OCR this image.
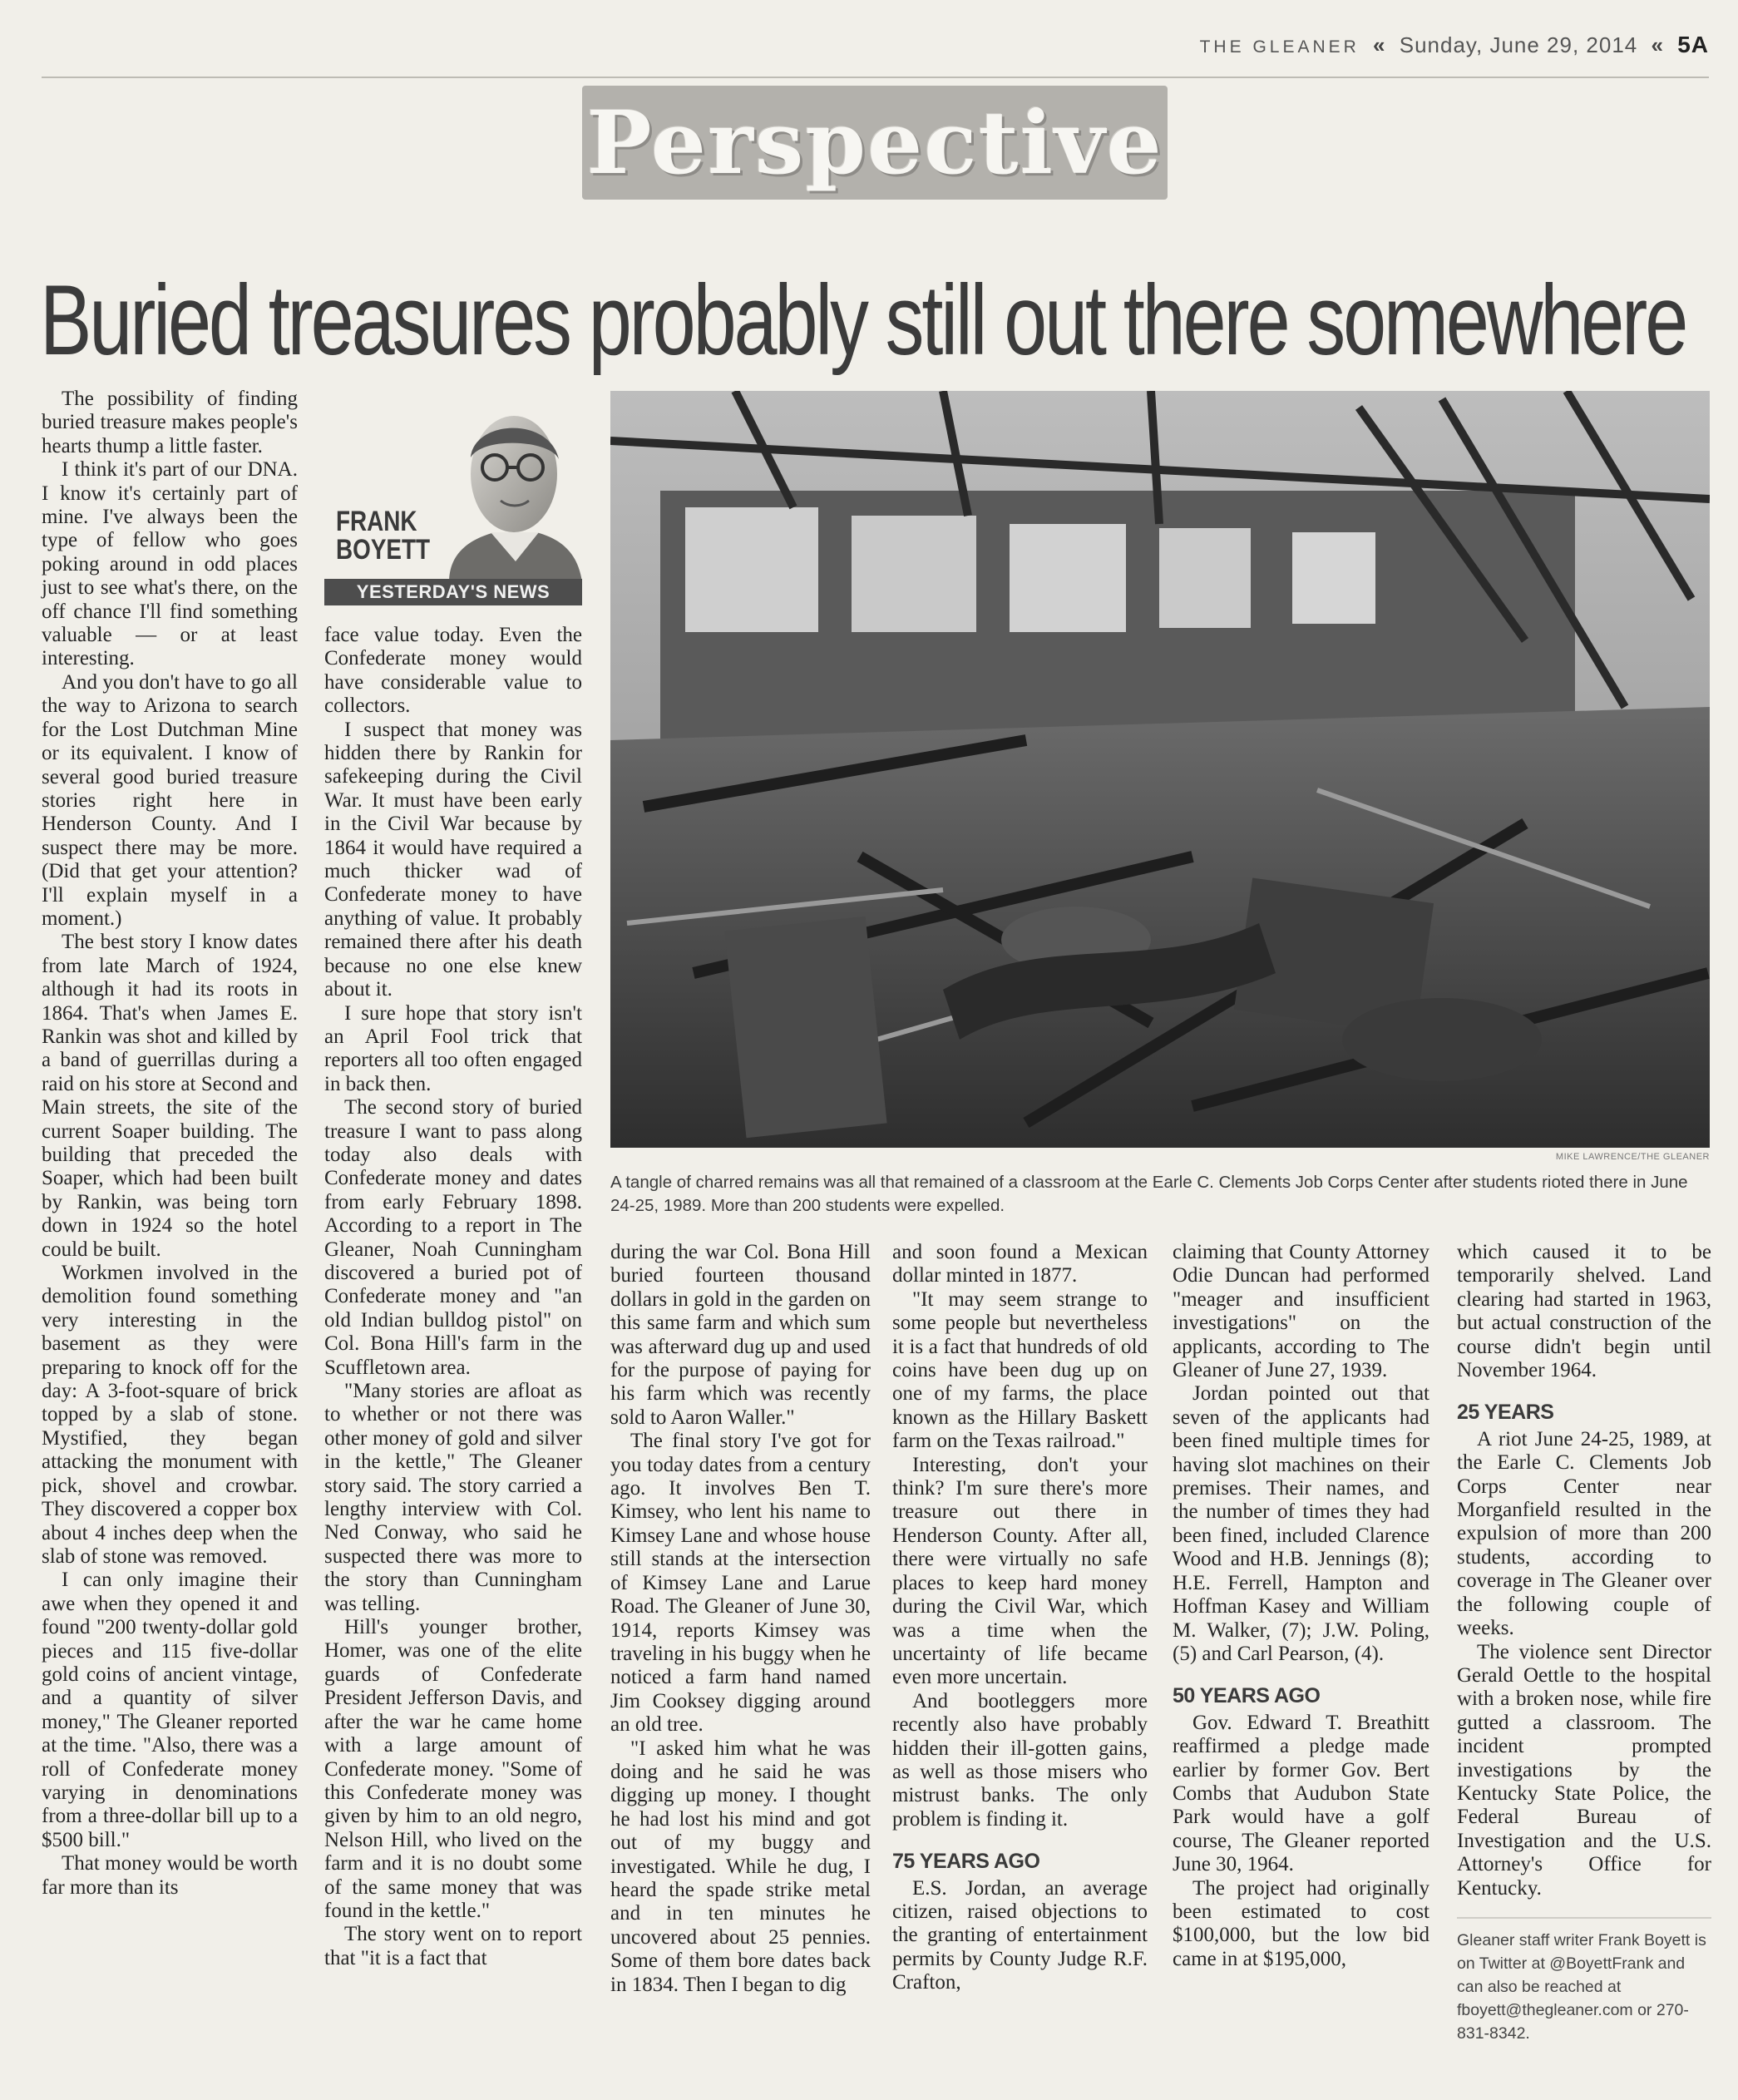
THE GLEANER « Sunday, June 29, 2014 « 5A
Perspective
Buried treasures probably still out there somewhere

The possibility of finding buried treasure makes people's hearts thump a little faster.

I think it's part of our DNA. I know it's certainly part of mine. I've always been the type of fellow who goes poking around in odd places just to see what's there, on the off chance I'll find something valuable — or at least interesting.

And you don't have to go all the way to Arizona to search for the Lost Dutchman Mine or its equivalent. I know of several good buried treasure stories right here in Henderson County. And I suspect there may be more. (Did that get your attention? I'll explain myself in a moment.)

The best story I know dates from late March of 1924, although it had its roots in 1864. That's when James E. Rankin was shot and killed by a band of guerrillas during a raid on his store at Second and Main streets, the site of the current Soaper building. The building that preceded the Soaper, which had been built by Rankin, was being torn down in 1924 so the hotel could be built.

Workmen involved in the demolition found something very interesting in the basement as they were preparing to knock off for the day: A 3-foot-square of brick topped by a slab of stone. Mystified, they began attacking the monument with pick, shovel and crowbar. They discovered a copper box about 4 inches deep when the slab of stone was removed.

I can only imagine their awe when they opened it and found "200 twenty-dollar gold pieces and 115 five-dollar gold coins of ancient vintage, and a quantity of silver money," The Gleaner reported at the time. "Also, there was a roll of Confederate money varying in denominations from a three-dollar bill up to a $500 bill."

That money would be worth far more than its

FRANK
BOYETT
YESTERDAY'S NEWS

face value today. Even the Confederate money would have considerable value to collectors.

I suspect that money was hidden there by Rankin for safekeeping during the Civil War. It must have been early in the Civil War because by 1864 it would have required a much thicker wad of Confederate money to have anything of value. It probably remained there after his death because no one else knew about it.

I sure hope that story isn't an April Fool trick that reporters all too often engaged in back then.

The second story of buried treasure I want to pass along today also deals with Confederate money and dates from early February 1898. According to a report in The Gleaner, Noah Cunningham discovered a buried pot of Confederate money and "an old Indian bulldog pistol" on Col. Bona Hill's farm in the Scuffletown area.

"Many stories are afloat as to whether or not there was other money of gold and silver in the kettle," The Gleaner story said. The story carried a lengthy interview with Col. Ned Conway, who said he suspected there was more to the story than Cunningham was telling.

Hill's younger brother, Homer, was one of the elite guards of Confederate President Jefferson Davis, and after the war he came home with a large amount of Confederate money. "Some of this Confederate money was given by him to an old negro, Nelson Hill, who lived on the farm and it is no doubt some of the same money that was found in the kettle."

The story went on to report that "it is a fact that

MIKE LAWRENCE/THE GLEANER
A tangle of charred remains was all that remained of a classroom at the Earle C. Clements Job Corps Center after students rioted there in June 24-25, 1989. More than 200 students were expelled.

during the war Col. Bona Hill buried fourteen thousand dollars in gold in the garden on this same farm and which sum was afterward dug up and used for the purpose of paying for his farm which was recently sold to Aaron Waller."

The final story I've got for you today dates from a century ago. It involves Ben T. Kimsey, who lent his name to Kimsey Lane and whose house still stands at the intersection of Kimsey Lane and Larue Road. The Gleaner of June 30, 1914, reports Kimsey was traveling in his buggy when he noticed a farm hand named Jim Cooksey digging around an old tree.

"I asked him what he was doing and he said he was digging up money. I thought he had lost his mind and got out of my buggy and investigated. While he dug, I heard the spade strike metal and in ten minutes he uncovered about 25 pennies. Some of them bore dates back in 1834. Then I began to dig

and soon found a Mexican dollar minted in 1877.

"It may seem strange to some people but nevertheless it is a fact that hundreds of old coins have been dug up on one of my farms, the place known as the Hillary Baskett farm on the Texas railroad."

Interesting, don't your think? I'm sure there's more treasure out there in Henderson County. After all, there were virtually no safe places to keep hard money during the Civil War, which was a time when the uncertainty of life became even more uncertain.

And bootleggers more recently also have probably hidden their ill-gotten gains, as well as those misers who mistrust banks. The only problem is finding it.

75 YEARS AGO

E.S. Jordan, an average citizen, raised objections to the granting of entertainment permits by County Judge R.F. Crafton,

claiming that County Attorney Odie Duncan had performed "meager and insufficient investigations" on the applicants, according to The Gleaner of June 27, 1939.

Jordan pointed out that seven of the applicants had been fined multiple times for having slot machines on their premises. Their names, and the number of times they had been fined, included Clarence Wood and H.B. Jennings (8); H.E. Ferrell, Hampton and Hoffman Kasey and William M. Walker, (7); J.W. Poling, (5) and Carl Pearson, (4).

50 YEARS AGO

Gov. Edward T. Breathitt reaffirmed a pledge made earlier by former Gov. Bert Combs that Audubon State Park would have a golf course, The Gleaner reported June 30, 1964.

The project had originally been estimated to cost $100,000, but the low bid came in at $195,000,

which caused it to be temporarily shelved. Land clearing had started in 1963, but actual construction of the course didn't begin until November 1964.

25 YEARS

A riot June 24-25, 1989, at the Earle C. Clements Job Corps Center near Morganfield resulted in the expulsion of more than 200 students, according to coverage in The Gleaner over the following couple of weeks.

The violence sent Director Gerald Oettle to the hospital with a broken nose, while fire gutted a classroom. The incident prompted investigations by the Kentucky State Police, the Federal Bureau of Investigation and the U.S. Attorney's Office for Kentucky.

Gleaner staff writer Frank Boyett is on Twitter at @BoyettFrank and can also be reached at fboyett@thegleaner.com or 270-831-8342.
